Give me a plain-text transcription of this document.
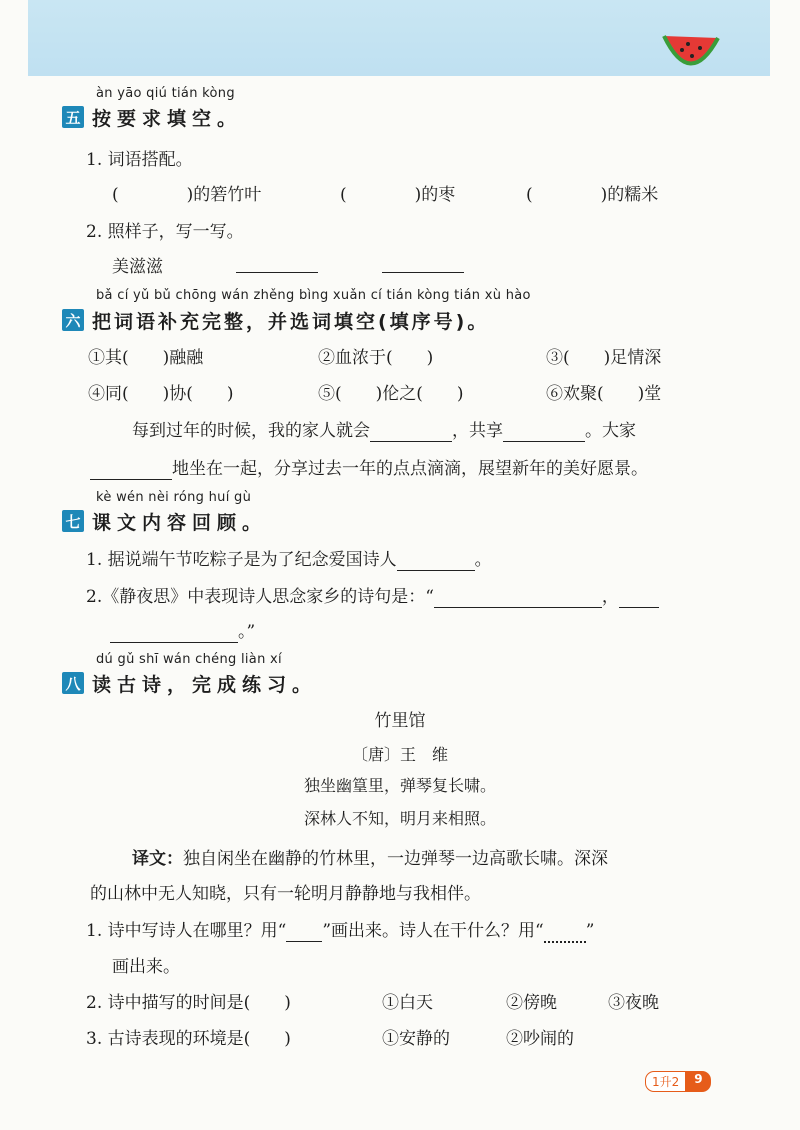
àn yāo qiú tián kòng
五 按要求填空。
1. 词语搭配。
(　　　　)的箬竹叶	(　　　　)的枣	(　　　　)的糯米
2. 照样子，写一写。
美滋滋
bǎ cí yǔ bǔ chōng wán zhěng bìng xuǎn cí tián kòng tián xù hào
六 把词语补充完整，并选词填空(填序号)。
①其(　　)融融	②血浓于(　　)	③(　　)足情深
④同(　　)协(　　)	⑤(　　)伦之(　　)	⑥欢聚(　　)堂
每到过年的时候，我的家人就会	，共享	。大家
地坐在一起，分享过去一年的点点滴滴，展望新年的美好愿景。
kè wén nèi róng huí gù
七 课文内容回顾。
1. 据说端午节吃粽子是为了纪念爱国诗人	。
2.《静夜思》中表现诗人思念家乡的诗句是：“	，
。”
dú gǔ shī wán chéng liàn xí
八 读古诗，完成练习。
竹里馆
〔唐〕王　维
独坐幽篁里，弹琴复长啸。
深林人不知，明月来相照。
译文：独自闲坐在幽静的竹林里，一边弹琴一边高歌长啸。深深
的山林中无人知晓，只有一轮明月静静地与我相伴。
1. 诗中写诗人在哪里？用“ ”画出来。诗人在干什么？用“ ”
画出来。
2. 诗中描写的时间是(　　)	①白天	②傍晚	③夜晚
3. 古诗表现的环境是(　　)	①安静的	②吵闹的
1升2	9
